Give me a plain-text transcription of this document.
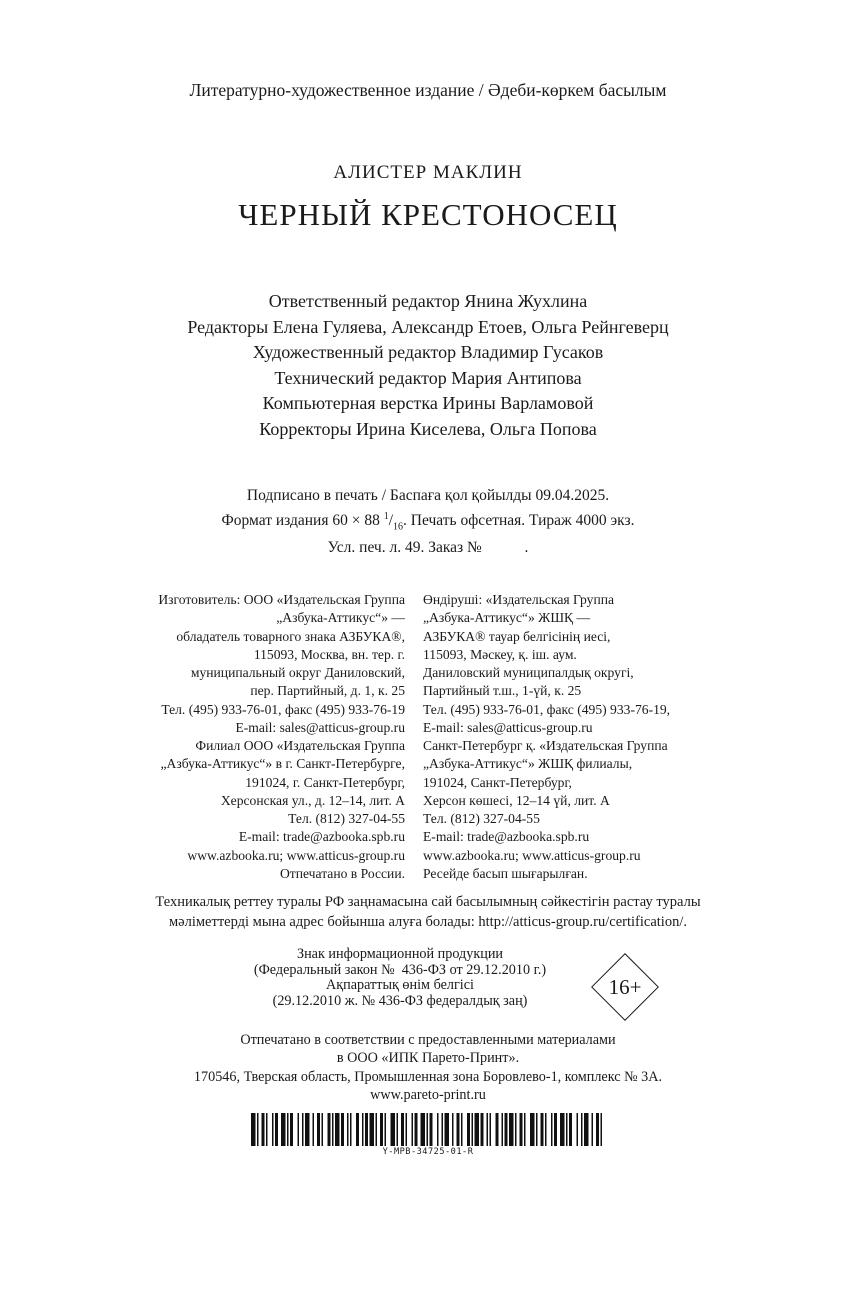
Литературно-художественное издание / Әдеби-көркем басылым
АЛИСТЕР МАКЛИН
ЧЕРНЫЙ КРЕСТОНОСЕЦ
Ответственный редактор Янина Жухлина
Редакторы Елена Гуляева, Александр Етоев, Ольга Рейнгеверц
Художественный редактор Владимир Гусаков
Технический редактор Мария Антипова
Компьютерная верстка Ирины Варламовой
Корректоры Ирина Киселева, Ольга Попова
Подписано в печать / Баспаға қол қойылды 09.04.2025.
Формат издания 60 × 88 $^1/_{16}$. Печать офсетная. Тираж 4000 экз.
Усл. печ. л. 49. Заказ №           .
Изготовитель: ООО «Издательская Группа
„Азбука-Аттикус“» —
обладатель товарного знака АЗБУКА®,
115093, Москва, вн. тер. г.
муниципальный округ Даниловский,
пер. Партийный, д. 1, к. 25
Тел. (495) 933-76-01, факс (495) 933-76-19
E-mail: sales@atticus-group.ru
Өндіруші: «Издательская Группа
„Азбука-Аттикус“» ЖШҚ —
АЗБУКА® тауар белгісінің иесі,
115093, Мәскеу, қ. іш. аум.
Даниловский муниципалдық округі,
Партийный т.ш., 1-үй, к. 25
Тел. (495) 933-76-01, факс (495) 933-76-19,
E-mail: sales@atticus-group.ru
Филиал ООО «Издательская Группа
„Азбука-Аттикус“» в г. Санкт-Петербурге,
191024, г. Санкт-Петербург,
Херсонская ул., д. 12–14, лит. А
Тел. (812) 327-04-55
E-mail: trade@azbooka.spb.ru
Санкт-Петербург қ. «Издательская Группа
„Азбука-Аттикус“» ЖШҚ филиалы,
191024, Санкт-Петербург,
Херсон көшесі, 12–14 үй, лит. А
Тел. (812) 327-04-55
E-mail: trade@azbooka.spb.ru
www.azbooka.ru; www.atticus-group.ru
Отпечатано в России.
www.azbooka.ru; www.atticus-group.ru
Ресейде басып шығарылған.
Техникалық реттеу туралы РФ заңнамасына сай басылымның сәйкестігін растау туралы
мәліметтерді мына адрес бойынша алуға болады: http://atticus-group.ru/certification/.
Знак информационной продукции
(Федеральный закон №  436-ФЗ от 29.12.2010 г.)
Ақпараттық өнім белгісі
(29.12.2010 ж. № 436-ФЗ федералдық заң)
16+
Отпечатано в соответствии с предоставленными материалами
в ООО «ИПК Парето-Принт».
170546, Тверская область, Промышленная зона Боровлево-1, комплекс № 3А.
www.pareto-print.ru
Y-MPB-34725-01-R
